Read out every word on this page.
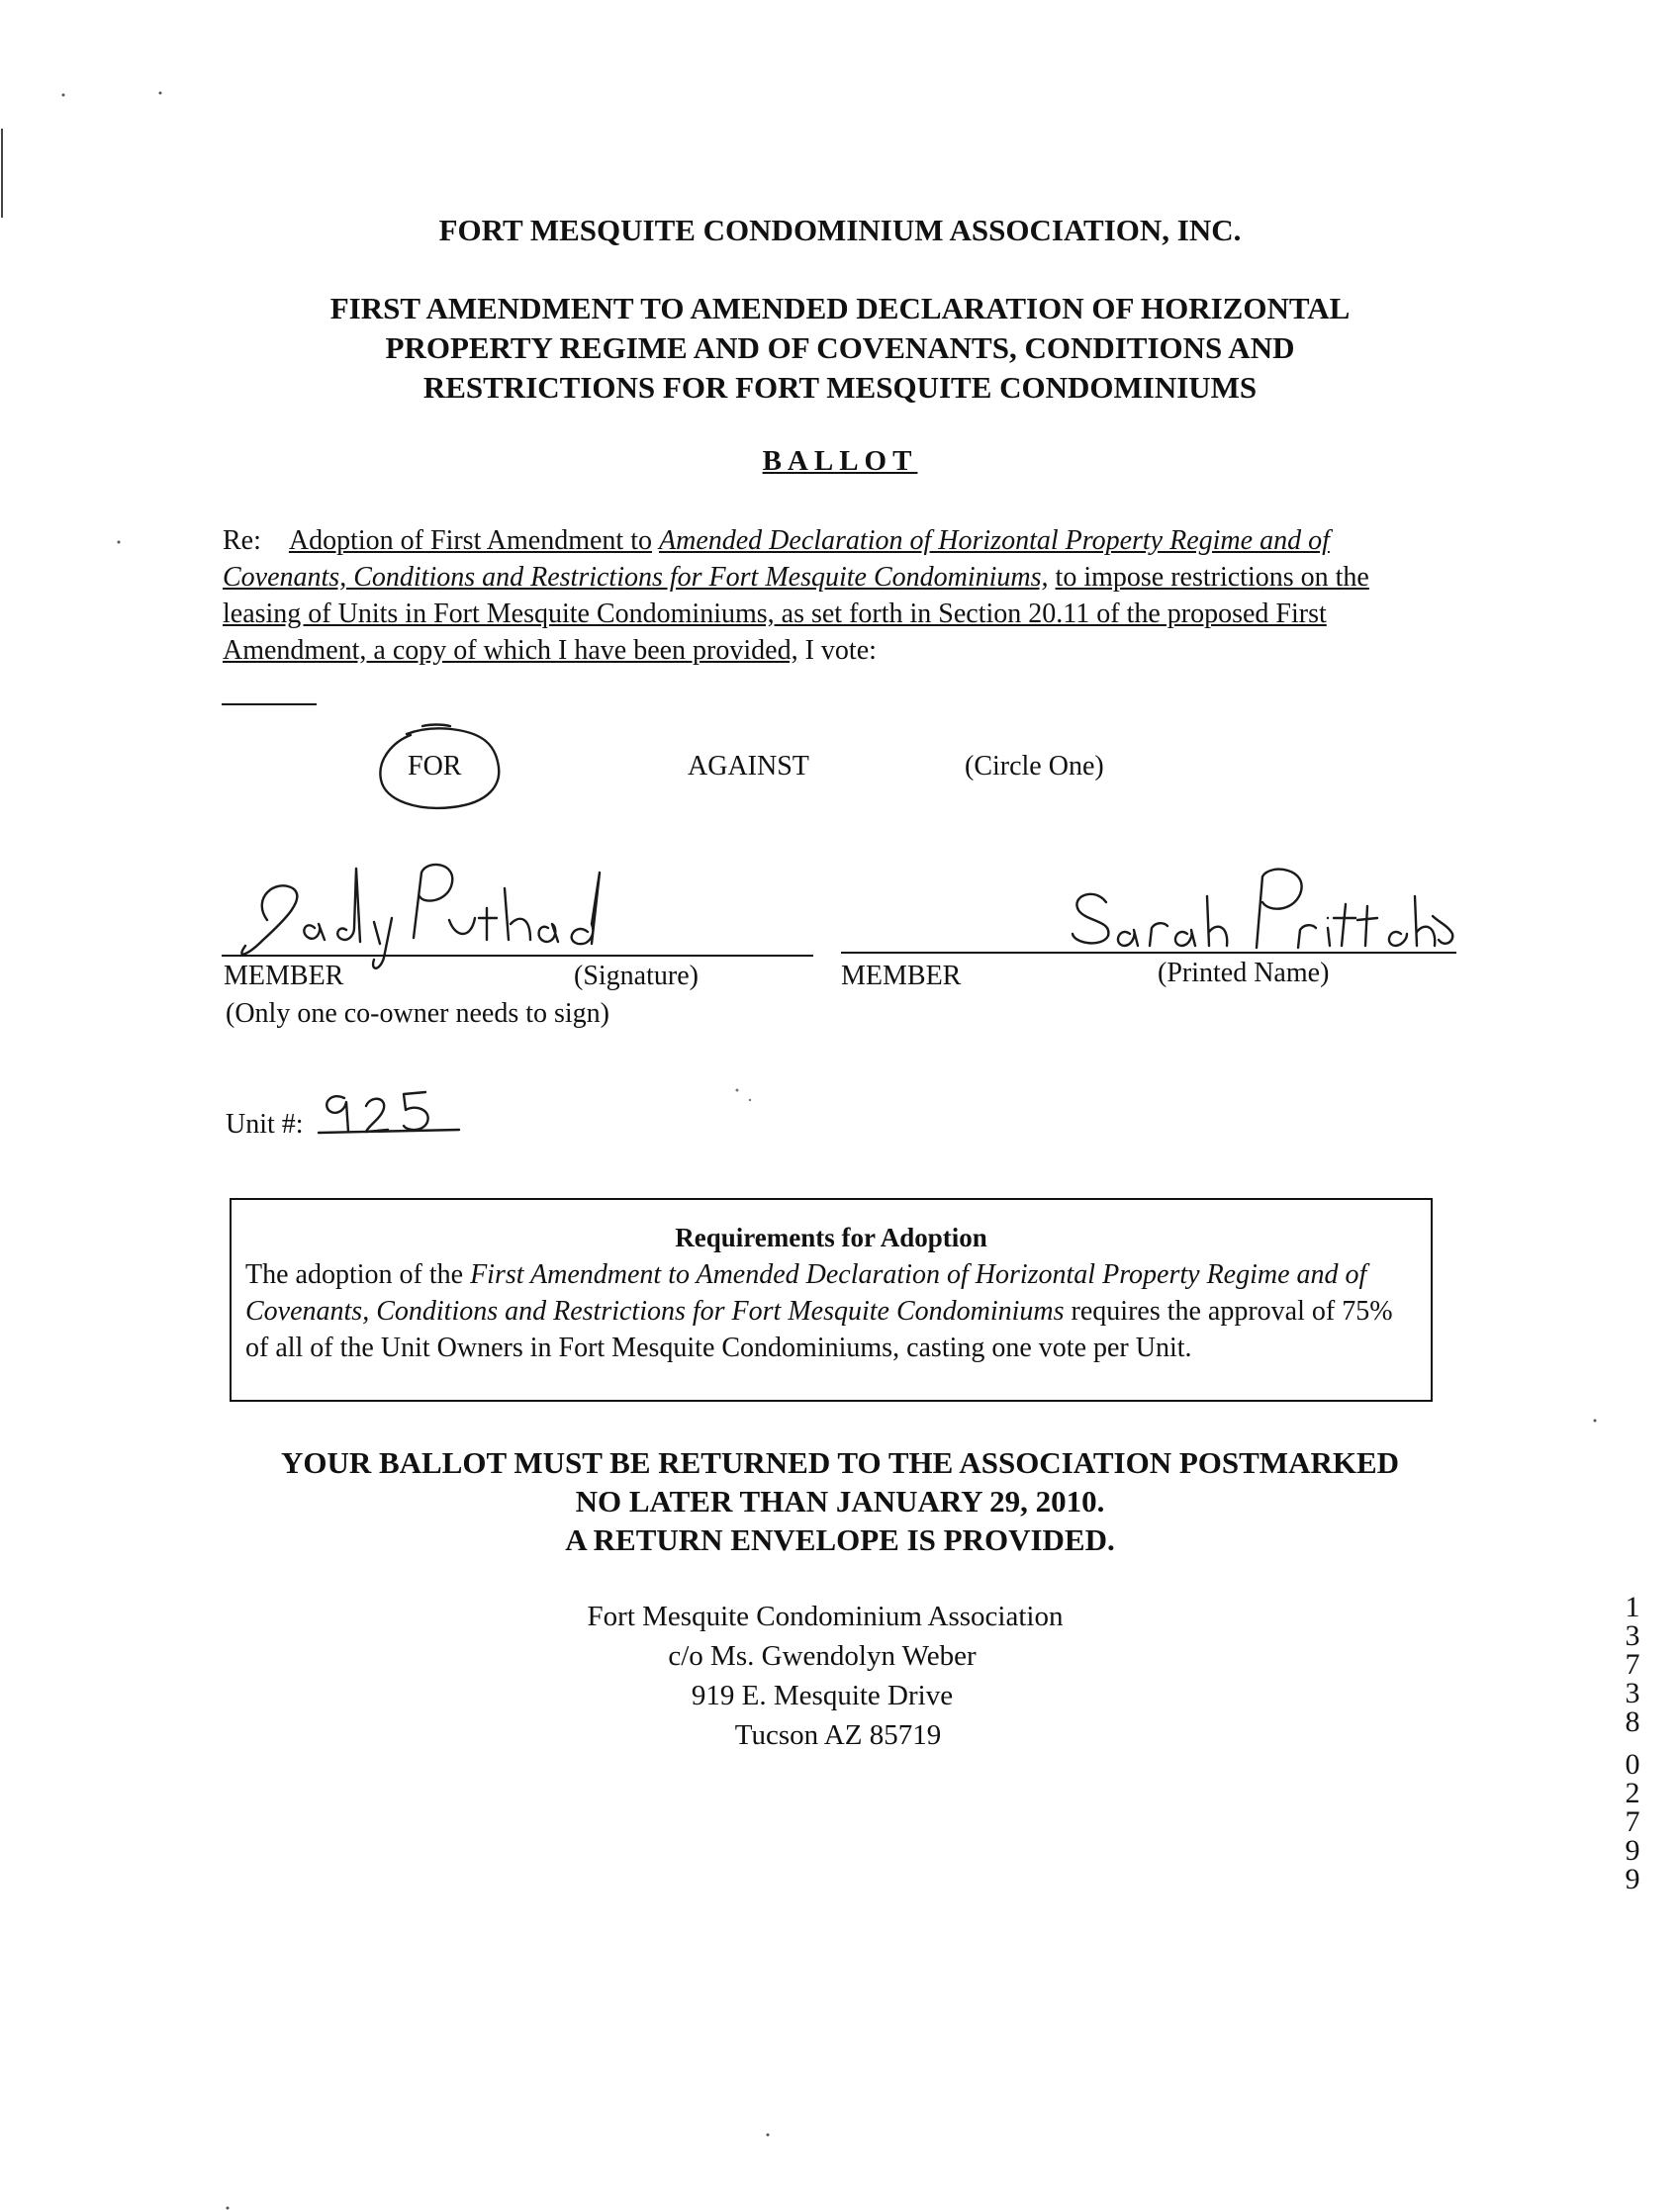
FORT MESQUITE CONDOMINIUM ASSOCIATION, INC.
FIRST AMENDMENT TO AMENDED DECLARATION OF HORIZONTAL
PROPERTY REGIME AND OF COVENANTS, CONDITIONS AND
RESTRICTIONS FOR FORT MESQUITE CONDOMINIUMS
BALLOT
Re: Adoption of First Amendment to Amended Declaration of Horizontal Property Regime and of Covenants, Conditions and Restrictions for Fort Mesquite Condominiums, to impose restrictions on the leasing of Units in Fort Mesquite Condominiums, as set forth in Section 20.11 of the proposed First Amendment, a copy of which I have been provided, I vote:
FOR	AGAINST	(Circle One)
MEMBER	(Signature)
(Only one co-owner needs to sign)
MEMBER	(Printed Name)
Unit #:
Requirements for Adoption
The adoption of the First Amendment to Amended Declaration of Horizontal Property Regime and of Covenants, Conditions and Restrictions for Fort Mesquite Condominiums requires the approval of 75% of all of the Unit Owners in Fort Mesquite Condominiums, casting one vote per Unit.
YOUR BALLOT MUST BE RETURNED TO THE ASSOCIATION POSTMARKED
NO LATER THAN JANUARY 29, 2010.
A RETURN ENVELOPE IS PROVIDED.
Fort Mesquite Condominium Association
c/o Ms. Gwendolyn Weber
919 E. Mesquite Drive
Tucson AZ 85719
1
3
7
3
8
0
2
7
9
9
